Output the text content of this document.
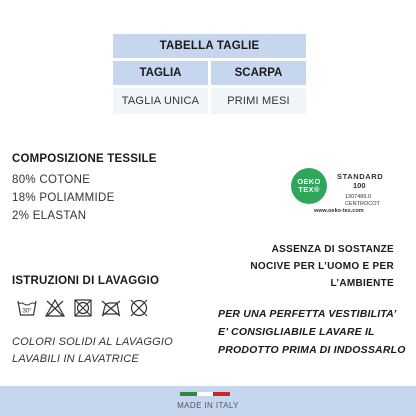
TABELLA TAGLIE
TAGLIA	SCARPA
TAGLIA UNICA	PRIMI MESI
COMPOSIZIONE TESSILE
80% COTONE
18% POLIAMMIDE
2% ELASTAN
OEKO
TEX®
STANDARD
100
1307486.0
CENTROCOT
www.oeko-tex.com
ASSENZA DI SOSTANZE
NOCIVE PER L’UOMO E PER
L’AMBIENTE
ISTRUZIONI DI LAVAGGIO
30°
COLORI SOLIDI AL LAVAGGIO
LAVABILI IN LAVATRICE
PER UNA PERFETTA VESTIBILITA’
E’ CONSIGLIABILE LAVARE IL
PRODOTTO PRIMA DI INDOSSARLO
MADE IN ITALY
